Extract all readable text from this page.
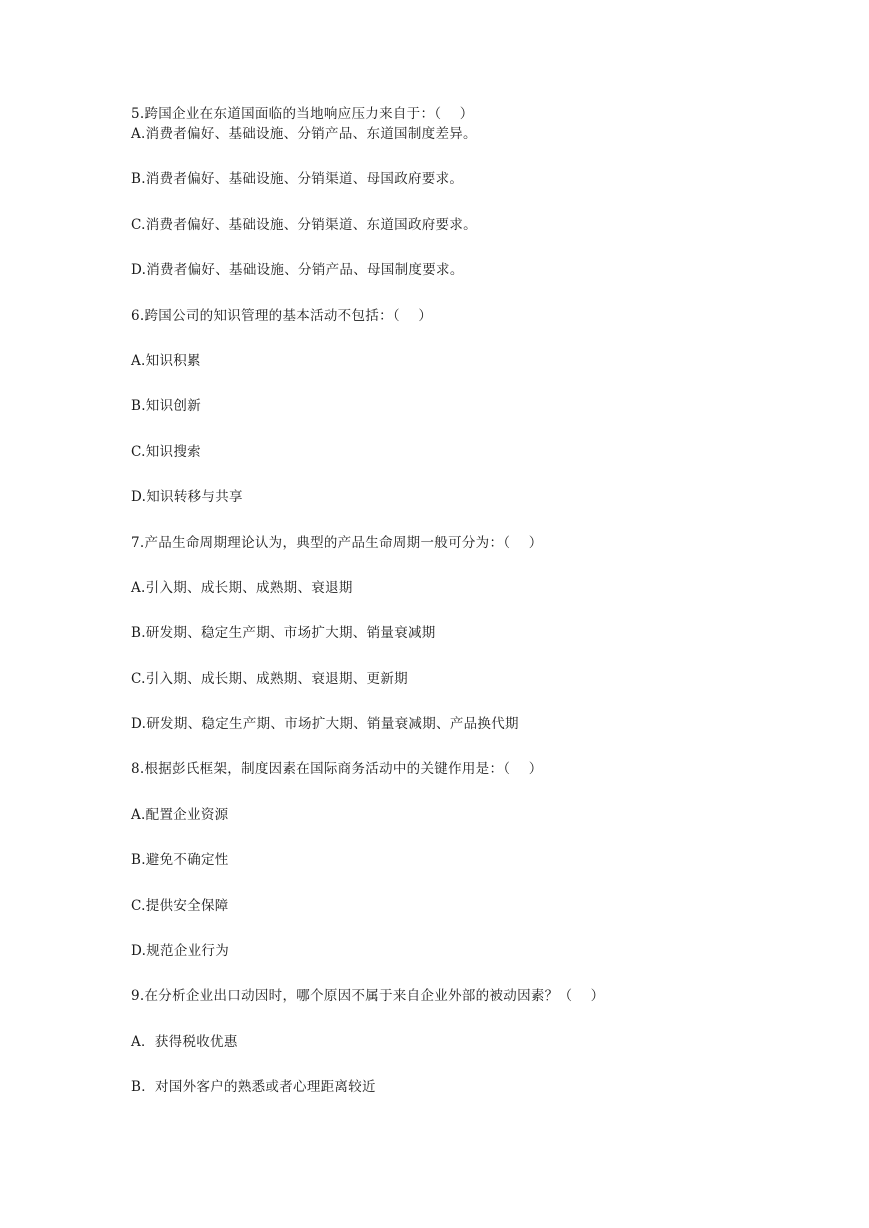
5.跨国企业在东道国面临的当地响应压力来自于：（　 ）
A.消费者偏好、基础设施、分销产品、东道国制度差异。
B.消费者偏好、基础设施、分销渠道、母国政府要求。
C.消费者偏好、基础设施、分销渠道、东道国政府要求。
D.消费者偏好、基础设施、分销产品、母国制度要求。
6.跨国公司的知识管理的基本活动不包括：（　 ）
A.知识积累
B.知识创新
C.知识搜索
D.知识转移与共享
7.产品生命周期理论认为，典型的产品生命周期一般可分为：（　 ）
A.引入期、成长期、成熟期、衰退期
B.研发期、稳定生产期、市场扩大期、销量衰减期
C.引入期、成长期、成熟期、衰退期、更新期
D.研发期、稳定生产期、市场扩大期、销量衰减期、产品换代期
8.根据彭氏框架，制度因素在国际商务活动中的关键作用是：（　 ）
A.配置企业资源
B.避免不确定性
C.提供安全保障
D.规范企业行为
9.在分析企业出口动因时，哪个原因不属于来自企业外部的被动因素？（　 ）
A．获得税收优惠
B．对国外客户的熟悉或者心理距离较近
